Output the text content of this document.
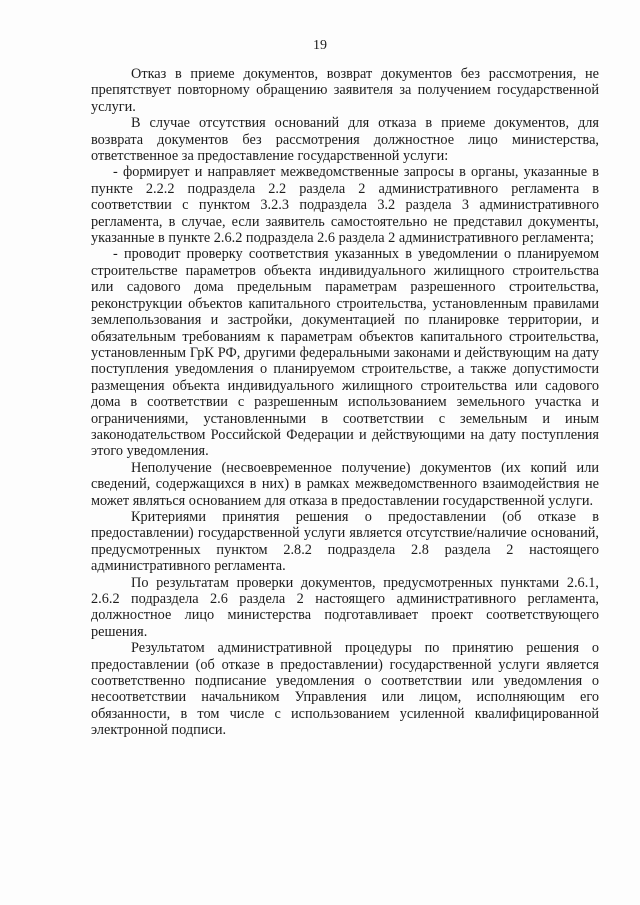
19

Отказ в приеме документов, возврат документов без рассмотрения, не препятствует повторному обращению заявителя за получением государственной услуги.

В случае отсутствия оснований для отказа в приеме документов, для возврата документов без рассмотрения должностное лицо министерства, ответственное за предоставление государственной услуги:

- формирует и направляет межведомственные запросы в органы, указанные в пункте 2.2.2 подраздела 2.2 раздела 2 административного регламента в соответствии с пунктом 3.2.3 подраздела 3.2 раздела 3 административного регламента, в случае, если заявитель самостоятельно не представил документы, указанные в пункте 2.6.2 подраздела 2.6 раздела 2 административного регламента;

- проводит проверку соответствия указанных в уведомлении о планируемом строительстве параметров объекта индивидуального жилищного строительства или садового дома предельным параметрам разрешенного строительства, реконструкции объектов капитального строительства, установленным правилами землепользования и застройки, документацией по планировке территории, и обязательным требованиям к параметрам объектов капитального строительства, установленным ГрК РФ, другими федеральными законами и действующим на дату поступления уведомления о планируемом строительстве, а также допустимости размещения объекта индивидуального жилищного строительства или садового дома в соответствии с разрешенным использованием земельного участка и ограничениями, установленными в соответствии с земельным и иным законодательством Российской Федерации и действующими на дату поступления этого уведомления.

Неполучение (несвоевременное получение) документов (их копий или сведений, содержащихся в них) в рамках межведомственного взаимодействия не может являться основанием для отказа в предоставлении государственной услуги.

Критериями принятия решения о предоставлении (об отказе в предоставлении) государственной услуги является отсутствие/наличие оснований, предусмотренных пунктом 2.8.2 подраздела 2.8 раздела 2 настоящего административного регламента.

По результатам проверки документов, предусмотренных пунктами 2.6.1, 2.6.2 подраздела 2.6 раздела 2 настоящего административного регламента, должностное лицо министерства подготавливает проект соответствующего решения.

Результатом административной процедуры по принятию решения о предоставлении (об отказе в предоставлении) государственной услуги является соответственно подписание уведомления о соответствии или уведомления о несоответствии начальником Управления или лицом, исполняющим его обязанности, в том числе с использованием усиленной квалифицированной электронной подписи.
